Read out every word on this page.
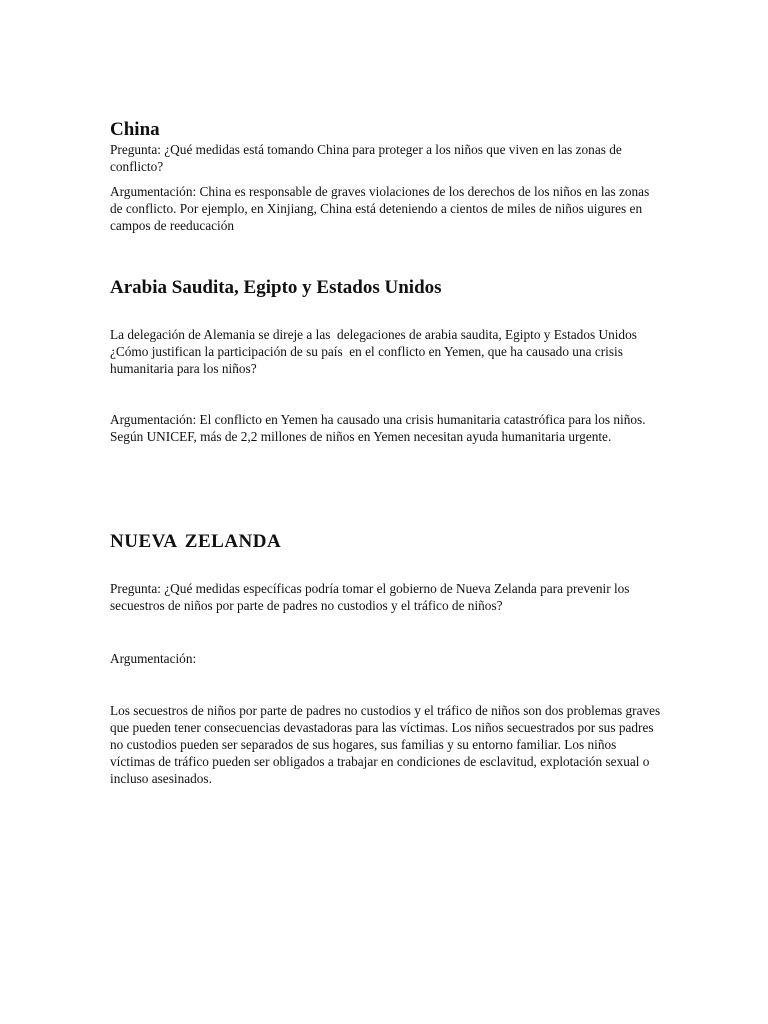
China

Pregunta: ¿Qué medidas está tomando China para proteger a los niños que viven en las zonas de conflicto?

Argumentación: China es responsable de graves violaciones de los derechos de los niños en las zonas de conflicto. Por ejemplo, en Xinjiang, China está deteniendo a cientos de miles de niños uigures en campos de reeducación

Arabia Saudita, Egipto y Estados Unidos

La delegación de Alemania se direje a las  delegaciones de arabia saudita, Egipto y Estados Unidos    ¿Cómo justifican la participación de su país  en el conflicto en Yemen, que ha causado una crisis humanitaria para los niños?

Argumentación: El conflicto en Yemen ha causado una crisis humanitaria catastrófica para los niños. Según UNICEF, más de 2,2 millones de niños en Yemen necesitan ayuda humanitaria urgente.

NUEVA ZELANDA

Pregunta: ¿Qué medidas específicas podría tomar el gobierno de Nueva Zelanda para prevenir los secuestros de niños por parte de padres no custodios y el tráfico de niños?

Argumentación:

Los secuestros de niños por parte de padres no custodios y el tráfico de niños son dos problemas graves que pueden tener consecuencias devastadoras para las víctimas. Los niños secuestrados por sus padres no custodios pueden ser separados de sus hogares, sus familias y su entorno familiar. Los niños víctimas de tráfico pueden ser obligados a trabajar en condiciones de esclavitud, explotación sexual o incluso asesinados.
